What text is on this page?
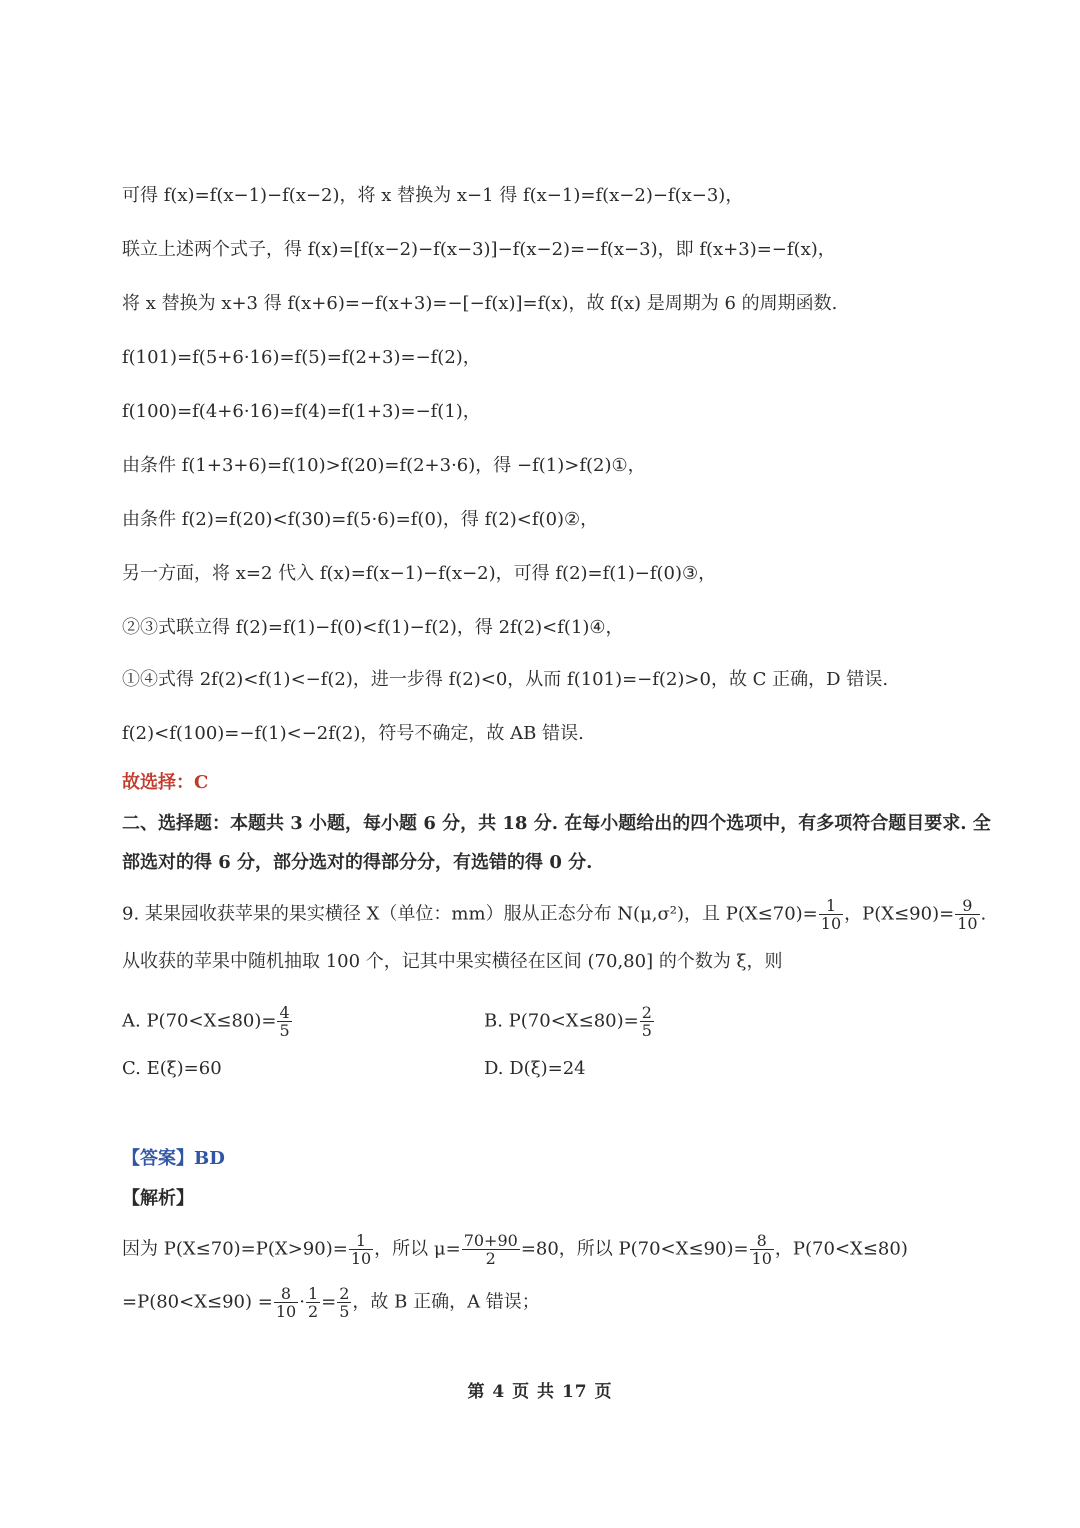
可得 f(x)=f(x−1)−f(x−2)，将 x 替换为 x−1 得 f(x−1)=f(x−2)−f(x−3)，
联立上述两个式子，得 f(x)=[f(x−2)−f(x−3)]−f(x−2)=−f(x−3)，即 f(x+3)=−f(x)，
将 x 替换为 x+3 得 f(x+6)=−f(x+3)=−[−f(x)]=f(x)，故 f(x) 是周期为 6 的周期函数.
f(101)=f(5+6·16)=f(5)=f(2+3)=−f(2)，
f(100)=f(4+6·16)=f(4)=f(1+3)=−f(1)，
由条件 f(1+3+6)=f(10)>f(20)=f(2+3·6)，得 −f(1)>f(2)①，
由条件 f(2)=f(20)<f(30)=f(5·6)=f(0)，得 f(2)<f(0)②，
另一方面，将 x=2 代入 f(x)=f(x−1)−f(x−2)，可得 f(2)=f(1)−f(0)③，
②③式联立得 f(2)=f(1)−f(0)<f(1)−f(2)，得 2f(2)<f(1)④，
①④式得 2f(2)<f(1)<−f(2)，进一步得 f(2)<0，从而 f(101)=−f(2)>0，故 C 正确，D 错误.
f(2)<f(100)=−f(1)<−2f(2)，符号不确定，故 AB 错误.
故选择：C
二、选择题：本题共 3 小题，每小题 6 分，共 18 分. 在每小题给出的四个选项中，有多项符合题目要求. 全
部选对的得 6 分，部分选对的得部分分，有选错的得 0 分.
9. 某果园收获苹果的果实横径 X（单位：mm）服从正态分布 N(μ,σ²)，且 $P(X\le 70)= \frac{1}{10}$ ，$P(X\le 90)= \frac{9}{10}$ .
从收获的苹果中随机抽取 100 个，记其中果实横径在区间 (70,80] 的个数为 ξ，则
A. $P(70<X\le 80)= \frac{4}{5}$	B. $P(70<X\le 80)= \frac{2}{5}$
C. E(ξ)=60	D. D(ξ)=24
【答案】BD
【解析】
因为 $P(X\le 70)=P(X>90)= \frac{1}{10}$ ，所以 $\mu= \frac{70+90}{2} =80$，所以 $P(70<X\le 90)= \frac{8}{10}$ ，P(70<X≤80)
$=P(80<X\le 90) = \frac{8}{10} \cdot \frac{1}{2} = \frac{2}{5}$ ，故 B 正确，A 错误；
第 4 页 共 17 页
